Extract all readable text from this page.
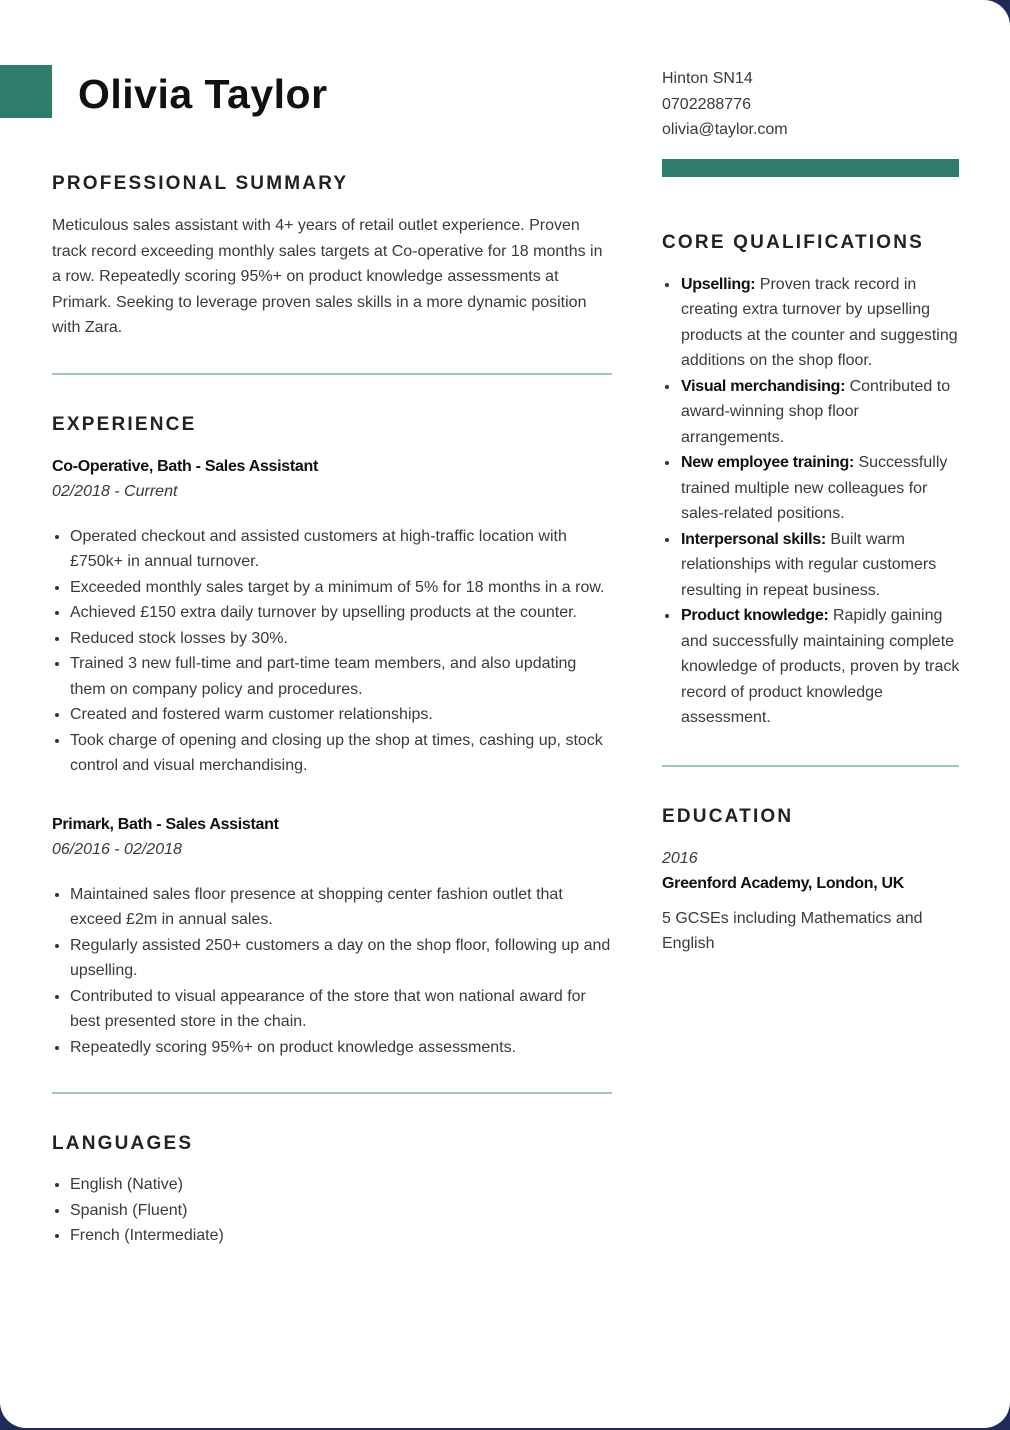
Olivia Taylor
PROFESSIONAL SUMMARY

Meticulous sales assistant with 4+ years of retail outlet experience. Proven track record exceeding monthly sales targets at Co-operative for 18 months in a row. Repeatedly scoring 95%+ on product knowledge assessments at Primark. Seeking to leverage proven sales skills in a more dynamic position with Zara.

EXPERIENCE
Co-Operative, Bath - Sales Assistant
02/2018 - Current
Operated checkout and assisted customers at high-traffic location with £750k+ in annual turnover.
Exceeded monthly sales target by a minimum of 5% for 18 months in a row.
Achieved £150 extra daily turnover by upselling products at the counter.
Reduced stock losses by 30%.
Trained 3 new full-time and part-time team members, and also updating them on company policy and procedures.
Created and fostered warm customer relationships.
Took charge of opening and closing up the shop at times, cashing up, stock control and visual merchandising.
Primark, Bath - Sales Assistant
06/2016 - 02/2018
Maintained sales floor presence at shopping center fashion outlet that exceed £2m in annual sales.
Regularly assisted 250+ customers a day on the shop floor, following up and upselling.
Contributed to visual appearance of the store that won national award for best presented store in the chain.
Repeatedly scoring 95%+ on product knowledge assessments.
LANGUAGES
English (Native)
Spanish (Fluent)
French (Intermediate)
Hinton SN14
0702288776
olivia@taylor.com
CORE QUALIFICATIONS
Upselling: Proven track record in creating extra turnover by upselling products at the counter and suggesting additions on the shop floor.
Visual merchandising: Contributed to award-winning shop floor arrangements.
New employee training: Successfully trained multiple new colleagues for sales-related positions.
Interpersonal skills: Built warm relationships with regular customers resulting in repeat business.
Product knowledge: Rapidly gaining and successfully maintaining complete knowledge of products, proven by track record of product knowledge assessment.
EDUCATION
2016
Greenford Academy, London, UK

5 GCSEs including Mathematics and English
